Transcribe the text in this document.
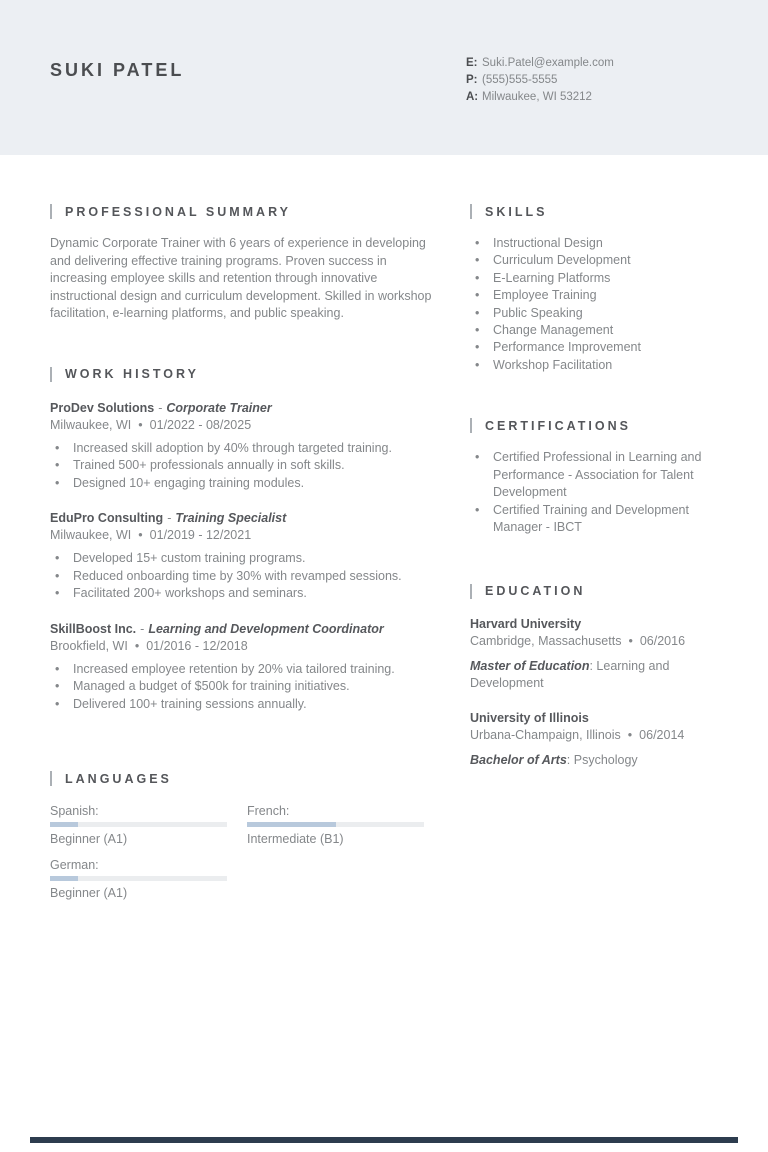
SUKI PATEL	E: Suki.Patel@example.com
P: (555)555-5555
A: Milwaukee, WI 53212
PROFESSIONAL SUMMARY

Dynamic Corporate Trainer with 6 years of experience in developing and delivering effective training programs. Proven success in increasing employee skills and retention through innovative instructional design and curriculum development. Skilled in workshop facilitation, e-learning platforms, and public speaking.

WORK HISTORY
ProDev Solutions - Corporate Trainer
Milwaukee, WI • 01/2022 - 08/2025
• Increased skill adoption by 40% through targeted training.
• Trained 500+ professionals annually in soft skills.
• Designed 10+ engaging training modules.
EduPro Consulting - Training Specialist
Milwaukee, WI • 01/2019 - 12/2021
• Developed 15+ custom training programs.
• Reduced onboarding time by 30% with revamped sessions.
• Facilitated 200+ workshops and seminars.
SkillBoost Inc. - Learning and Development Coordinator
Brookfield, WI • 01/2016 - 12/2018
• Increased employee retention by 20% via tailored training.
• Managed a budget of $500k for training initiatives.
• Delivered 100+ training sessions annually.
LANGUAGES
Spanish:
Beginner (A1)
French:
Intermediate (B1)
German:
Beginner (A1)
SKILLS
• Instructional Design
• Curriculum Development
• E-Learning Platforms
• Employee Training
• Public Speaking
• Change Management
• Performance Improvement
• Workshop Facilitation
CERTIFICATIONS
• Certified Professional in Learning and Performance - Association for Talent Development
• Certified Training and Development Manager - IBCT
EDUCATION
Harvard University
Cambridge, Massachusetts • 06/2016
Master of Education: Learning and Development
University of Illinois
Urbana-Champaign, Illinois • 06/2014
Bachelor of Arts: Psychology
